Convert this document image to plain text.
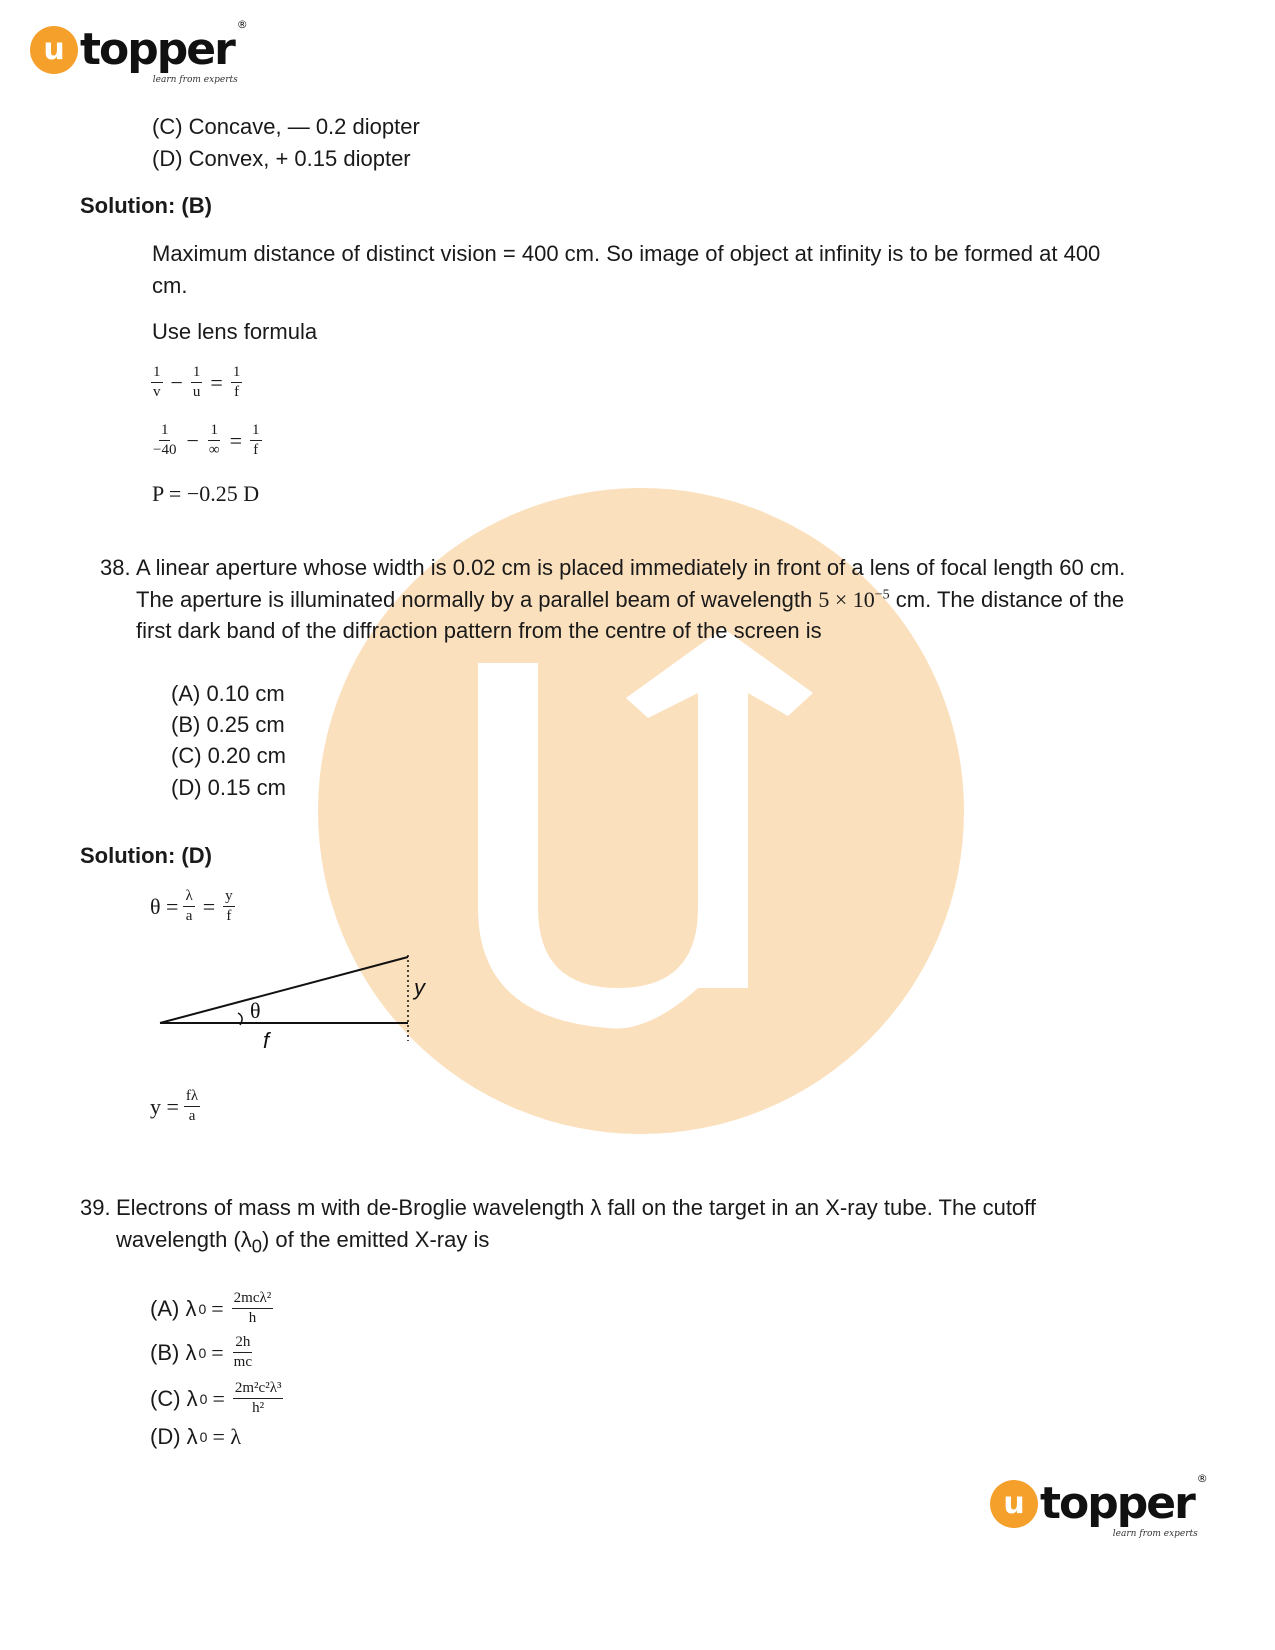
u topper ®
learn from experts
(C) Concave, — 0.2 diopter
(D) Convex, + 0.15 diopter
Solution: (B)
Maximum distance of distinct vision = 400 cm. So image of object at infinity is to be formed at 400 cm.
Use lens formula
$\frac{1}{v} - \frac{1}{u} = \frac{1}{f}$
$\frac{1}{-40} - \frac{1}{\infty} = \frac{1}{f}$
P = −0.25 D
38. A linear aperture whose width is 0.02 cm is placed immediately in front of a lens of focal length 60 cm.
The aperture is illuminated normally by a parallel beam of wavelength $5 \times 10^{-5}$ cm. The distance of the
first dark band of the diffraction pattern from the centre of the screen is
(A) 0.10 cm
(B) 0.25 cm
(C) 0.20 cm
(D) 0.15 cm
Solution: (D)
$\theta = \frac{\lambda}{a} = \frac{y}{f}$
θ
f
y
$y = \frac{f\lambda}{a}$
39. Electrons of mass m with de-Broglie wavelength λ fall on the target in an X-ray tube. The cutoff
wavelength $(\lambda_0)$ of the emitted X-ray is
(A) λ $0 = \frac{\text{2mcλ²}}{h}$
(B) λ $0 = \frac{2h}{mc}$
(C) λ $0 = \frac{\text{2m²c²λ³}}{\text{h²}}$
(D) λ 0 = λ
u topper ®
learn from experts
